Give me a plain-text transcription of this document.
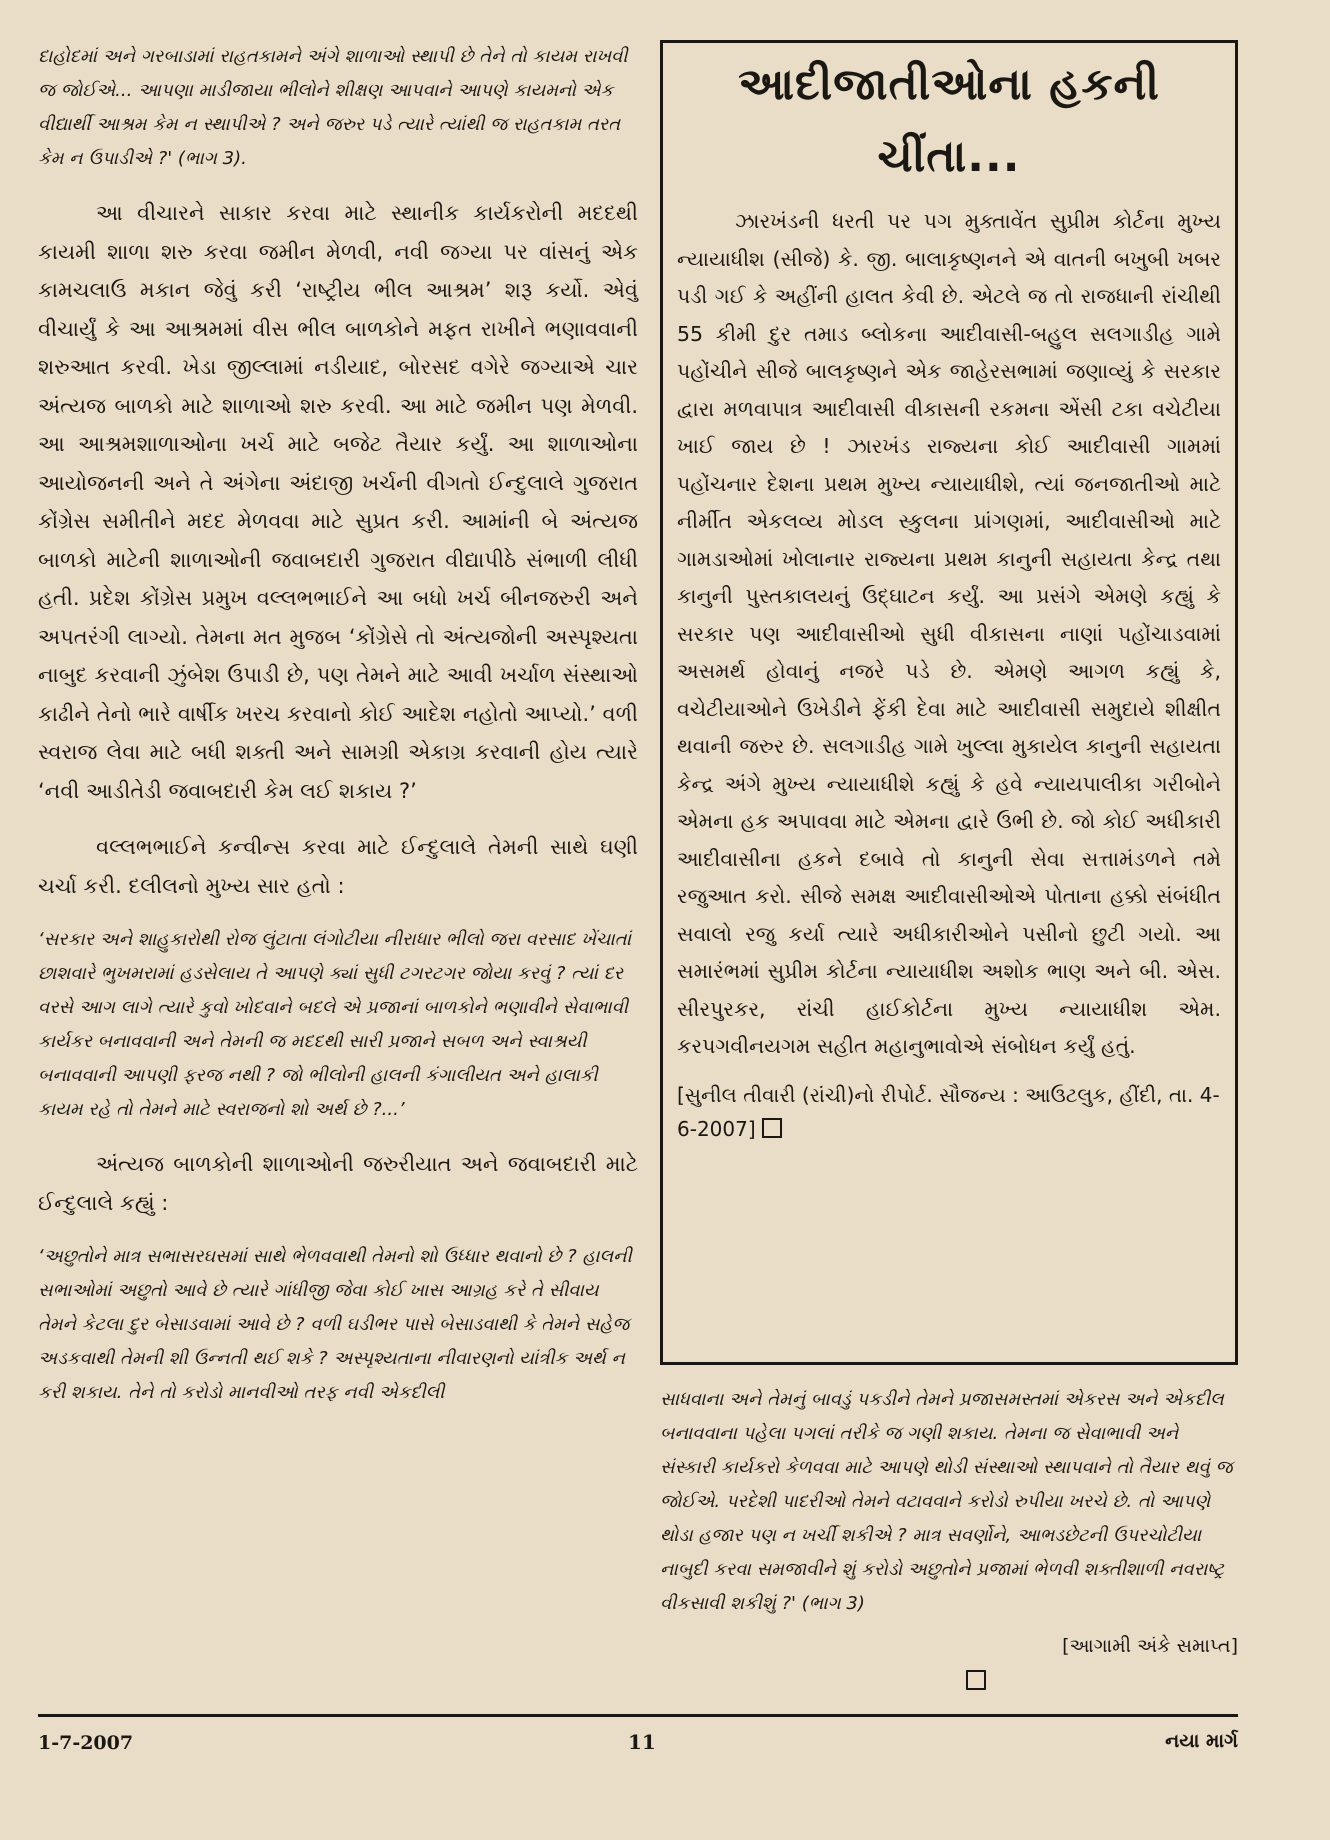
દાહોદમાં અને ગરબાડામાં રાહતકામને અંગે શાળાઓ સ્થાપી છે તેને તો કાયમ રાખવી જ જોઈએ... આપણા માડીજાયા ભીલોને શીક્ષણ આપવાને આપણે કાયમનો એક વીદ્યાર્થી આશ્રમ કેમ ન સ્થાપીએ ? અને જરુર પડે ત્યારે ત્યાંથી જ રાહતકામ તરત કેમ ન ઉપાડીએ ?' (ભાગ 3).

આ વીચારને સાકાર કરવા માટે સ્થાનીક કાર્યકરોની મદદથી કાયમી શાળા શરુ કરવા જમીન મેળવી, નવી જગ્યા પર વાંસનું એક કામચલાઉ મકાન જેવું કરી ‘રાષ્ટ્રીય ભીલ આશ્રમ’ શરૂ કર્યો. એવું વીચાર્યું કે આ આશ્રમમાં વીસ ભીલ બાળકોને મફત રાખીને ભણાવવાની શરુઆત કરવી. ખેડા જીલ્લામાં નડીયાદ, બોરસદ વગેરે જગ્યાએ ચાર અંત્યજ બાળકો માટે શાળાઓ શરુ કરવી. આ માટે જમીન પણ મેળવી. આ આશ્રમશાળાઓના ખર્ચ માટે બજેટ તૈયાર કર્યું. આ શાળાઓના આયોજનની અને તે અંગેના અંદાજી ખર્ચની વીગતો ઈન્દુલાલે ગુજરાત કોંગ્રેસ સમીતીને મદદ મેળવવા માટે સુપ્રત કરી. આમાંની બે અંત્યજ બાળકો માટેની શાળાઓની જવાબદારી ગુજરાત વીદ્યાપીઠે સંભાળી લીધી હતી. પ્રદેશ કોંગ્રેસ પ્રમુખ વલ્લભભાઈને આ બધો ખર્ચ બીનજરુરી અને અપતરંગી લાગ્યો. તેમના મત મુજબ ‘કોંગ્રેસે તો અંત્યજોની અસ્પૃશ્યતા નાબુદ કરવાની ઝુંબેશ ઉપાડી છે, પણ તેમને માટે આવી ખર્ચાળ સંસ્થાઓ કાઢીને તેનો ભારે વાર્ષીક ખરચ કરવાનો કોઈ આદેશ નહોતો આપ્યો.’ વળી સ્વરાજ લેવા માટે બધી શક્તી અને સામગ્રી એકાગ્ર કરવાની હોય ત્યારે ‘નવી આડીતેડી જવાબદારી કેમ લઈ શકાય ?’

વલ્લભભાઈને કન્વીન્સ કરવા માટે ઈન્દુલાલે તેમની સાથે ઘણી ચર્ચા કરી. દલીલનો મુખ્ય સાર હતો :

‘સરકાર અને શાહુકારોથી રોજ લુંટાતા લંગોટીયા નીરાધાર ભીલો જરા વરસાદ ખેંચાતાં છાશવારે ભુખમરામાં હડસેલાય તે આપણે ક્યાં સુધી ટગરટગર જોયા કરવું ? ત્યાં દર વરસે આગ લાગે ત્યારે કુવો ખોદવાને બદલે એ પ્રજાનાં બાળકોને ભણાવીને સેવાભાવી કાર્યકર બનાવવાની અને તેમની જ મદદથી સારી પ્રજાને સબળ અને સ્વાશ્રયી બનાવવાની આપણી ફરજ નથી ? જો ભીલોની હાલની કંગાલીયત અને હાલાકી કાયમ રહે તો તેમને માટે સ્વરાજનો શો અર્થ છે ?...’

અંત્યજ બાળકોની શાળાઓની જરુરીયાત અને જવાબદારી માટે ઈન્દુલાલે કહ્યું :

‘અછુતોને માત્ર સભાસરઘસમાં સાથે ભેળવવાથી તેમનો શો ઉધ્ધાર થવાનો છે ? હાલની સભાઓમાં અછુતો આવે છે ત્યારે ગાંધીજી જેવા કોઈ ખાસ આગ્રહ કરે તે સીવાય તેમને કેટલા દુર બેસાડવામાં આવે છે ? વળી ઘડીભર પાસે બેસાડવાથી કે તેમને સહેજ અડકવાથી તેમની શી ઉન્નતી થઈ શકે ? અસ્પૃશ્યતાના નીવારણનો યાંત્રીક અર્થ ન કરી શકાય. તેને તો કરોડો માનવીઓ તરફ નવી એકદીલી

આદીજાતીઓના હકની ચીંતા...

ઝારખંડની ધરતી પર પગ મુક્તાવેંત સુપ્રીમ કોર્ટના મુખ્ય ન્યાયાધીશ (સીજે) કે. જી. બાલાકૃષ્ણનને એ વાતની બખુબી ખબર પડી ગઈ કે અહીંની હાલત કેવી છે. એટલે જ તો રાજધાની રાંચીથી 55 કીમી દુર તમાડ બ્લોકના આદીવાસી-બહુલ સલગાડીહ ગામે પહોંચીને સીજે બાલકૃષ્ણને એક જાહેરસભામાં જણાવ્યું કે સરકાર દ્વારા મળવાપાત્ર આદીવાસી વીકાસની રકમના એંસી ટકા વચેટીયા ખાઈ જાય છે ! ઝારખંડ રાજ્યના કોઈ આદીવાસી ગામમાં પહોંચનાર દેશના પ્રથમ મુખ્ય ન્યાયાધીશે, ત્યાં જનજાતીઓ માટે નીર્મીત એકલવ્ય મોડલ સ્કુલના પ્રાંગણમાં, આદીવાસીઓ માટે ગામડાઓમાં ખોલાનાર રાજ્યના પ્રથમ કાનુની સહાયતા કેન્દ્ર તથા કાનુની પુસ્તકાલયનું ઉદ્ઘાટન કર્યું. આ પ્રસંગે એમણે કહ્યું કે સરકાર પણ આદીવાસીઓ સુધી વીકાસના નાણાં પહોંચાડવામાં અસમર્થ હોવાનું નજરે પડે છે. એમણે આગળ કહ્યું કે, વચેટીયાઓને ઉખેડીને ફેંકી દેવા માટે આદીવાસી સમુદાયે શીક્ષીત થવાની જરુર છે. સલગાડીહ ગામે ખુલ્લા મુકાયેલ કાનુની સહાયતા કેન્દ્ર અંગે મુખ્ય ન્યાયાધીશે કહ્યું કે હવે ન્યાયપાલીકા ગરીબોને એમના હક અપાવવા માટે એમના દ્વારે ઉભી છે. જો કોઈ અધીકારી આદીવાસીના હકને દબાવે તો કાનુની સેવા સત્તામંડળને તમે રજુઆત કરો. સીજે સમક્ષ આદીવાસીઓએ પોતાના હક્કો સંબંધીત સવાલો રજુ કર્યા ત્યારે અધીકારીઓને પસીનો છુટી ગયો. આ સમારંભમાં સુપ્રીમ કોર્ટના ન્યાયાધીશ અશોક ભાણ અને બી. એસ. સીરપુરકર, રાંચી હાઈકોર્ટના મુખ્ય ન્યાયાધીશ એમ. કરપગવીનયગમ સહીત મહાનુભાવોએ સંબોધન કર્યું હતું.

[સુનીલ તીવારી (રાંચી)નો રીપોર્ટ. સૌજન્ય : આઉટલુક, હીંદી, તા. 4-6-2007]

સાધવાના અને તેમનું બાવડું પકડીને તેમને પ્રજાસમસ્તમાં એકરસ અને એકદીલ બનાવવાના પહેલા પગલાં તરીકે જ ગણી શકાય. તેમના જ સેવાભાવી અને સંસ્કારી કાર્યકરો કેળવવા માટે આપણે થોડી સંસ્થાઓ સ્થાપવાને તો તૈયાર થવું જ જોઈએ. પરદેશી પાદરીઓ તેમને વટાવવાને કરોડો રુપીયા ખરચે છે. તો આપણે થોડા હજાર પણ ન ખર્ચી શકીએ ? માત્ર સવર્ણોને, આભડછેટની ઉપરચોટીયા નાબુદી કરવા સમજાવીને શું કરોડો અછુતોને પ્રજામાં ભેળવી શક્તીશાળી નવરાષ્ટ્ર વીકસાવી શકીશું ?' (ભાગ 3)

[આગામી અંકે સમાપ્ત]

1-7-2007	11	નયા માર્ગ
